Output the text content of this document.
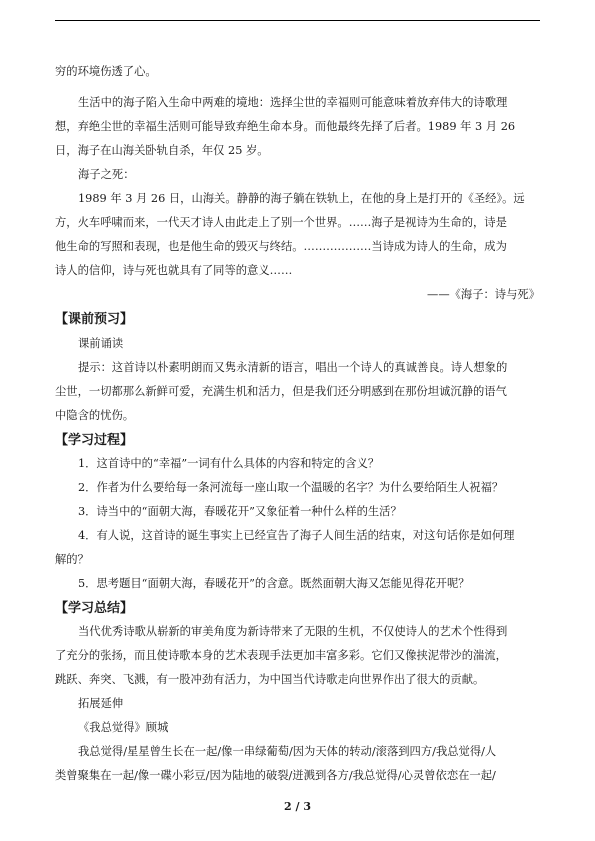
穷的环境伤透了心。
生活中的海子陷入生命中两难的境地：选择尘世的幸福则可能意味着放弃伟大的诗歌理
想，弃绝尘世的幸福生活则可能导致弃绝生命本身。而他最终先择了后者。1989 年 3 月 26
日，海子在山海关卧轨自杀，年仅 25 岁。
海子之死：
1989 年 3 月 26 日，山海关。静静的海子躺在铁轨上，在他的身上是打开的《圣经》。远
方，火车呼啸而来，一代天才诗人由此走上了别一个世界。……海子是视诗为生命的，诗是
他生命的写照和表现，也是他生命的毁灭与终结。………………当诗成为诗人的生命，成为
诗人的信仰，诗与死也就具有了同等的意义……
——《海子：诗与死》
【课前预习】
课前诵读
提示：这首诗以朴素明朗而又隽永清新的语言，唱出一个诗人的真诚善良。诗人想象的
尘世，一切都那么新鲜可爱，充满生机和活力，但是我们还分明感到在那份坦诚沉静的语气
中隐含的忧伤。
【学习过程】
1．这首诗中的“幸福”一词有什么具体的内容和特定的含义？
2．作者为什么要给每一条河流每一座山取一个温暖的名字？为什么要给陌生人祝福？
3．诗当中的“面朝大海，春暖花开”又象征着一种什么样的生活？
4．有人说，这首诗的诞生事实上已经宣告了海子人间生活的结束，对这句话你是如何理
解的？
5．思考题目“面朝大海，春暖花开”的含意。既然面朝大海又怎能见得花开呢？
【学习总结】
当代优秀诗歌从崭新的审美角度为新诗带来了无限的生机，不仅使诗人的艺术个性得到
了充分的张扬，而且使诗歌本身的艺术表现手法更加丰富多彩。它们又像挟泥带沙的湍流，
跳跃、奔突、飞溅，有一股冲劲有活力，为中国当代诗歌走向世界作出了很大的贡献。
拓展延伸
《我总觉得》顾城
我总觉得/星星曾生长在一起/像一串绿葡萄/因为天体的转动/滚落到四方/我总觉得/人
类曾聚集在一起/像一碟小彩豆/因为陆地的破裂/迸溅到各方/我总觉得/心灵曾依恋在一起/
2 / 3
